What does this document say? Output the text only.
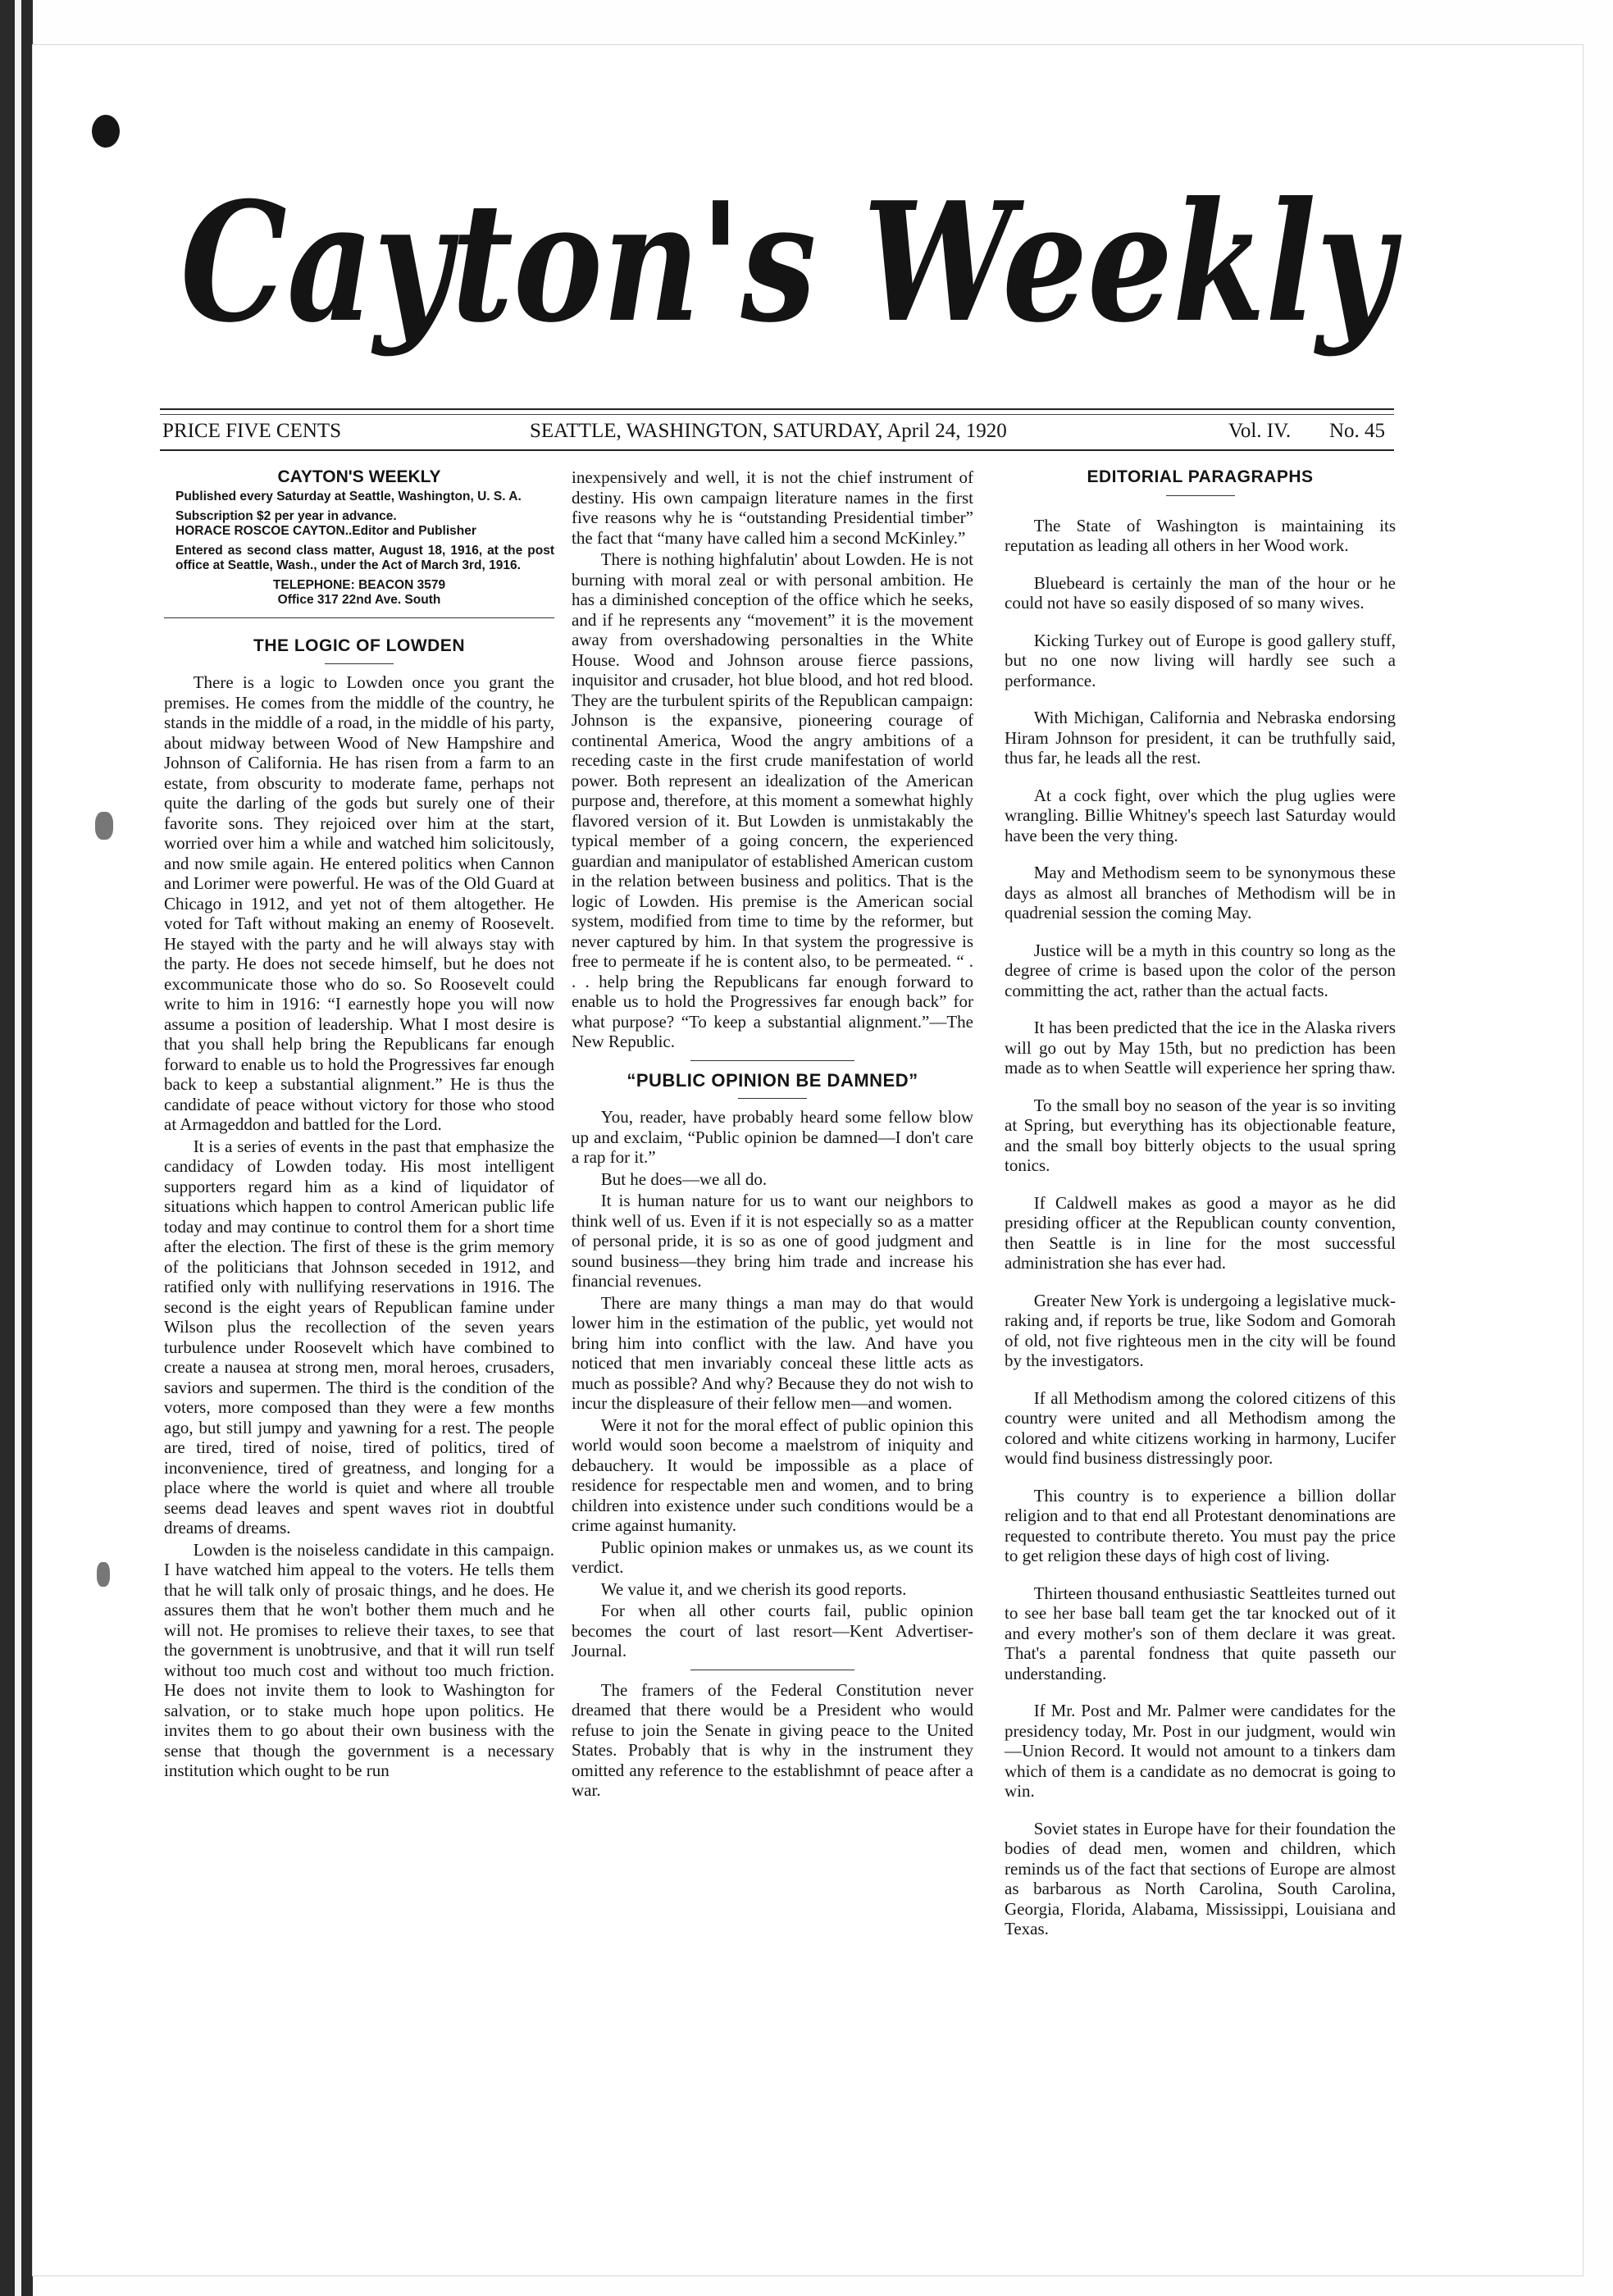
Cayton's Weekly
PRICE FIVE CENTS	SEATTLE, WASHINGTON, SATURDAY, April 24, 1920	Vol. IV. No. 45
CAYTON'S WEEKLY

Published every Saturday at Seattle, Washington, U. S. A.

Subscription $2 per year in advance.

HORACE ROSCOE CAYTON..Editor and Publisher

Entered as second class matter, August 18, 1916, at the post office at Seattle, Wash., under the Act of March 3rd, 1916.

TELEPHONE: BEACON 3579

Office 317 22nd Ave. South

THE LOGIC OF LOWDEN

There is a logic to Lowden once you grant the premises. He comes from the middle of the country, he stands in the middle of a road, in the middle of his party, about midway between Wood of New Hampshire and Johnson of California. He has risen from a farm to an estate, from obscurity to moderate fame, perhaps not quite the darling of the gods but surely one of their favorite sons. They rejoiced over him at the start, worried over him a while and watched him solicitously, and now smile again. He entered politics when Cannon and Lorimer were powerful. He was of the Old Guard at Chicago in 1912, and yet not of them altogether. He voted for Taft without making an enemy of Roosevelt. He stayed with the party and he will always stay with the party. He does not secede himself, but he does not excommunicate those who do so. So Roosevelt could write to him in 1916: “I earnestly hope you will now assume a position of leadership. What I most desire is that you shall help bring the Republicans far enough forward to enable us to hold the Progressives far enough back to keep a substantial alignment.” He is thus the candidate of peace without victory for those who stood at Armageddon and battled for the Lord.

It is a series of events in the past that emphasize the candidacy of Lowden today. His most intelligent supporters regard him as a kind of liquidator of situations which happen to control American public life today and may continue to control them for a short time after the election. The first of these is the grim memory of the politicians that Johnson seceded in 1912, and ratified only with nullifying reservations in 1916. The second is the eight years of Republican famine under Wilson plus the recollection of the seven years turbulence under Roosevelt which have combined to create a nausea at strong men, moral heroes, crusaders, saviors and supermen. The third is the condition of the voters, more composed than they were a few months ago, but still jumpy and yawning for a rest. The people are tired, tired of noise, tired of politics, tired of inconvenience, tired of greatness, and longing for a place where the world is quiet and where all trouble seems dead leaves and spent waves riot in doubtful dreams of dreams.

Lowden is the noiseless candidate in this campaign. I have watched him appeal to the voters. He tells them that he will talk only of prosaic things, and he does. He assures them that he won't bother them much and he will not. He promises to relieve their taxes, to see that the government is unobtrusive, and that it will run tself without too much cost and without too much friction. He does not invite them to look to Washington for salvation, or to stake much hope upon politics. He invites them to go about their own business with the sense that though the government is a necessary institution which ought to be run

inexpensively and well, it is not the chief instrument of destiny. His own campaign literature names in the first five reasons why he is “outstanding Presidential timber” the fact that “many have called him a second McKinley.”

There is nothing highfalutin' about Lowden. He is not burning with moral zeal or with personal ambition. He has a diminished conception of the office which he seeks, and if he represents any “movement” it is the movement away from overshadowing personalties in the White House. Wood and Johnson arouse fierce passions, inquisitor and crusader, hot blue blood, and hot red blood. They are the turbulent spirits of the Republican campaign: Johnson is the expansive, pioneering courage of continental America, Wood the angry ambitions of a receding caste in the first crude manifestation of world power. Both represent an idealization of the American purpose and, therefore, at this moment a somewhat highly flavored version of it. But Lowden is unmistakably the typical member of a going concern, the experienced guardian and manipulator of established American custom in the relation between business and politics. That is the logic of Lowden. His premise is the American social system, modified from time to time by the reformer, but never captured by him. In that system the progressive is free to permeate if he is content also, to be permeated. “ . . . help bring the Republicans far enough forward to enable us to hold the Progressives far enough back” for what purpose? “To keep a substantial alignment.”—The New Republic.

“PUBLIC OPINION BE DAMNED”

You, reader, have probably heard some fellow blow up and exclaim, “Public opinion be damned—I don't care a rap for it.”

But he does—we all do.

It is human nature for us to want our neighbors to think well of us. Even if it is not especially so as a matter of personal pride, it is so as one of good judgment and sound business—they bring him trade and increase his financial revenues.

There are many things a man may do that would lower him in the estimation of the public, yet would not bring him into conflict with the law. And have you noticed that men invariably conceal these little acts as much as possible? And why? Because they do not wish to incur the displeasure of their fellow men—and women.

Were it not for the moral effect of public opinion this world would soon become a maelstrom of iniquity and debauchery. It would be impossible as a place of residence for respectable men and women, and to bring children into existence under such conditions would be a crime against humanity.

Public opinion makes or unmakes us, as we count its verdict.

We value it, and we cherish its good reports.

For when all other courts fail, public opinion becomes the court of last resort—Kent Advertiser-Journal.

The framers of the Federal Constitution never dreamed that there would be a President who would refuse to join the Senate in giving peace to the United States. Probably that is why in the instrument they omitted any reference to the establishmnt of peace after a war.

EDITORIAL PARAGRAPHS

The State of Washington is maintaining its reputation as leading all others in her Wood work.

Bluebeard is certainly the man of the hour or he could not have so easily disposed of so many wives.

Kicking Turkey out of Europe is good gallery stuff, but no one now living will hardly see such a performance.

With Michigan, California and Nebraska endorsing Hiram Johnson for president, it can be truthfully said, thus far, he leads all the rest.

At a cock fight, over which the plug uglies were wrangling. Billie Whitney's speech last Saturday would have been the very thing.

May and Methodism seem to be synonymous these days as almost all branches of Methodism will be in quadrenial session the coming May.

Justice will be a myth in this country so long as the degree of crime is based upon the color of the person committing the act, rather than the actual facts.

It has been predicted that the ice in the Alaska rivers will go out by May 15th, but no prediction has been made as to when Seattle will experience her spring thaw.

To the small boy no season of the year is so inviting at Spring, but everything has its objectionable feature, and the small boy bitterly objects to the usual spring tonics.

If Caldwell makes as good a mayor as he did presiding officer at the Republican county convention, then Seattle is in line for the most successful administration she has ever had.

Greater New York is undergoing a legislative muck-raking and, if reports be true, like Sodom and Gomorah of old, not five righteous men in the city will be found by the investigators.

If all Methodism among the colored citizens of this country were united and all Methodism among the colored and white citizens working in harmony, Lucifer would find business distressingly poor.

This country is to experience a billion dollar religion and to that end all Protestant denominations are requested to contribute thereto. You must pay the price to get religion these days of high cost of living.

Thirteen thousand enthusiastic Seattleites turned out to see her base ball team get the tar knocked out of it and every mother's son of them declare it was great. That's a parental fondness that quite passeth our understanding.

If Mr. Post and Mr. Palmer were candidates for the presidency today, Mr. Post in our judgment, would win—Union Record. It would not amount to a tinkers dam which of them is a candidate as no democrat is going to win.

Soviet states in Europe have for their foundation the bodies of dead men, women and children, which reminds us of the fact that sections of Europe are almost as barbarous as North Carolina, South Carolina, Georgia, Florida, Alabama, Mississippi, Louisiana and Texas.
